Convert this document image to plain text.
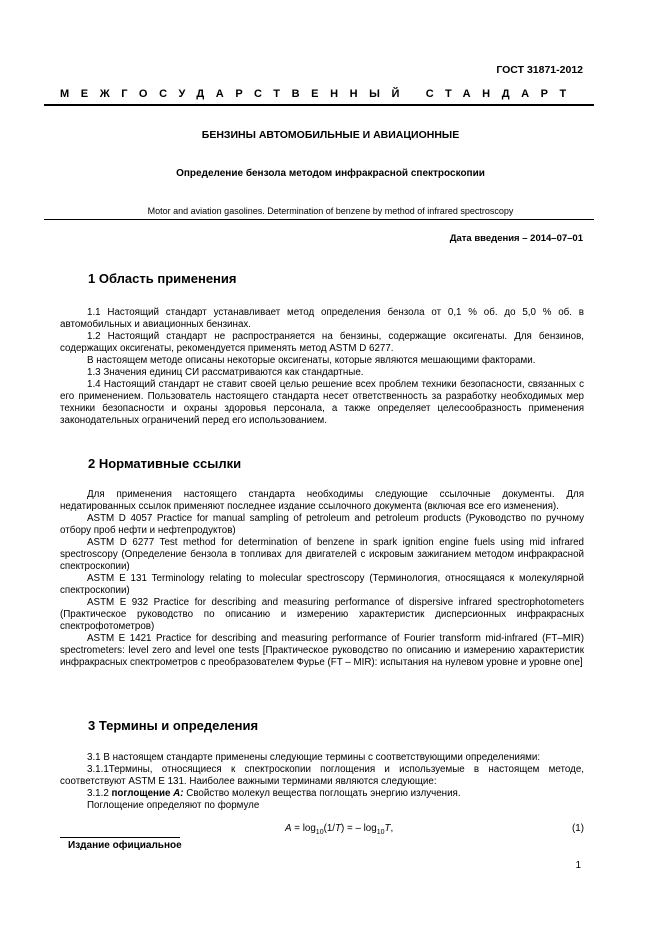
ГОСТ 31871-2012
МЕЖГОСУДАРСТВЕННЫЙ СТАНДАРТ
БЕНЗИНЫ АВТОМОБИЛЬНЫЕ И АВИАЦИОННЫЕ
Определение бензола методом инфракрасной спектроскопии
Motor and aviation gasolines. Determination of benzene by method of infrared spectroscopy
Дата введения – 2014–07–01
1 Область применения

1.1 Настоящий стандарт устанавливает метод определения бензола от 0,1 % об. до 5,0 % об. в автомобильных и авиационных бензинах.

1.2 Настоящий стандарт не распространяется на бензины, содержащие оксигенаты. Для бензинов, содержащих оксигенаты, рекомендуется применять метод ASTM D 6277.

В настоящем методе описаны некоторые оксигенаты, которые являются мешающими факторами.

1.3 Значения единиц СИ рассматриваются как стандартные.

1.4 Настоящий стандарт не ставит своей целью решение всех проблем техники безопасности, связанных с его применением. Пользователь настоящего стандарта несет ответственность за разработку необходимых мер техники безопасности и охраны здоровья персонала, а также определяет целесообразность применения законодательных ограничений перед его использованием.

2 Нормативные ссылки

Для применения настоящего стандарта необходимы следующие ссылочные документы. Для недатированных ссылок применяют последнее издание ссылочного документа (включая все его изменения).

ASTM D 4057 Practice for manual sampling of petroleum and petroleum products (Руководство по ручному отбору проб нефти и нефтепродуктов)

ASTM D 6277 Test method for determination of benzene in spark ignition engine fuels using mid infrared spectroscopy (Определение бензола в топливах для двигателей с искровым зажиганием методом инфракрасной спектроскопии)

ASTM E 131 Terminology relating to molecular spectroscopy (Терминология, относящаяся к молекулярной спектроскопии)

ASTM E 932 Practice for describing and measuring performance of dispersive infrared spectrophotometers (Практическое руководство по описанию и измерению характеристик дисперсионных инфракрасных спектрофотометров)

ASTM E 1421 Practice for describing and measuring performance of Fourier transform mid-infrared (FT–MIR) spectrometers: level zero and level one tests [Практическое руководство по описанию и измерению характеристик инфракрасных спектрометров с преобразователем Фурье (FT – MIR): испытания на нулевом уровне и уровне one]

3 Термины и определения

3.1 В настоящем стандарте применены следующие термины с соответствующими определениями:

3.1.1Термины, относящиеся к спектроскопии поглощения и используемые в настоящем методе, соответствуют ASTM E 131. Наиболее важными терминами являются следующие:

3.1.2 поглощение A: Свойство молекул вещества поглощать энергию излучения.

Поглощение определяют по формуле

$A = \log_{10}(1/T)$ = – $\log_{10}T$,	(1)
Издание официальное
1
